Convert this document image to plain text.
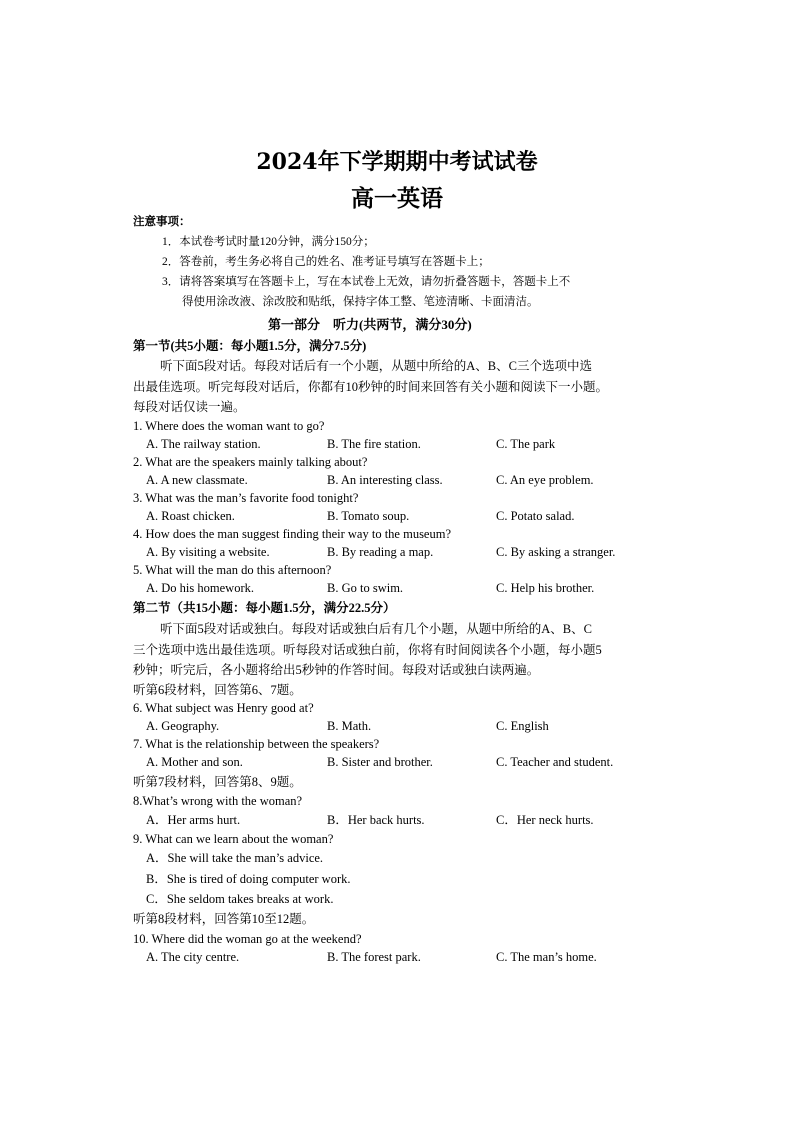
2024年下学期期中考试试卷
高一英语
注意事项：
1．本试卷考试时量120分钟，满分150分；
2．答卷前，考生务必将自己的姓名、准考证号填写在答题卡上；
3．请将答案填写在答题卡上，写在本试卷上无效，请勿折叠答题卡，答题卡上不
得使用涂改液、涂改胶和贴纸，保持字体工整、笔迹清晰、卡面清洁。
第一部分　听力(共两节，满分30分)
第一节(共5小题：每小题1.5分，满分7.5分)
听下面5段对话。每段对话后有一个小题，从题中所给的A、B、C三个选项中选
出最佳选项。听完每段对话后，你都有10秒钟的时间来回答有关小题和阅读下一小题。
每段对话仅读一遍。
1. Where does the woman want to go?
A. The railway station.	B. The fire station.	C. The park
2. What are the speakers mainly talking about?
A. A new classmate.	B. An interesting class.	C. An eye problem.
3. What was the man’s favorite food tonight?
A. Roast chicken.	B. Tomato soup.	C. Potato salad.
4. How does the man suggest finding their way to the museum?
A. By visiting a website.	B. By reading a map.	C. By asking a stranger.
5. What will the man do this afternoon?
A. Do his homework.	B. Go to swim.	C. Help his brother.
第二节（共15小题：每小题1.5分，满分22.5分）
听下面5段对话或独白。每段对话或独白后有几个小题，从题中所给的A、B、C
三个选项中选出最佳选项。听每段对话或独白前，你将有时间阅读各个小题，每小题5
秒钟；听完后，各小题将给出5秒钟的作答时间。每段对话或独白读两遍。
听第6段材料，回答第6、7题。
6. What subject was Henry good at?
A. Geography.	B. Math.	C. English
7. What is the relationship between the speakers?
A. Mother and son.	B. Sister and brother.	C. Teacher and student.
听第7段材料，回答第8、9题。
8.What’s wrong with the woman?
A．Her arms hurt.	B．Her back hurts.	C．Her neck hurts.
9. What can we learn about the woman?
A．She will take the man’s advice.
B．She is tired of doing computer work.
C．She seldom takes breaks at work.
听第8段材料，回答第10至12题。
10. Where did the woman go at the weekend?
A. The city centre.	B. The forest park.	C. The man’s home.
